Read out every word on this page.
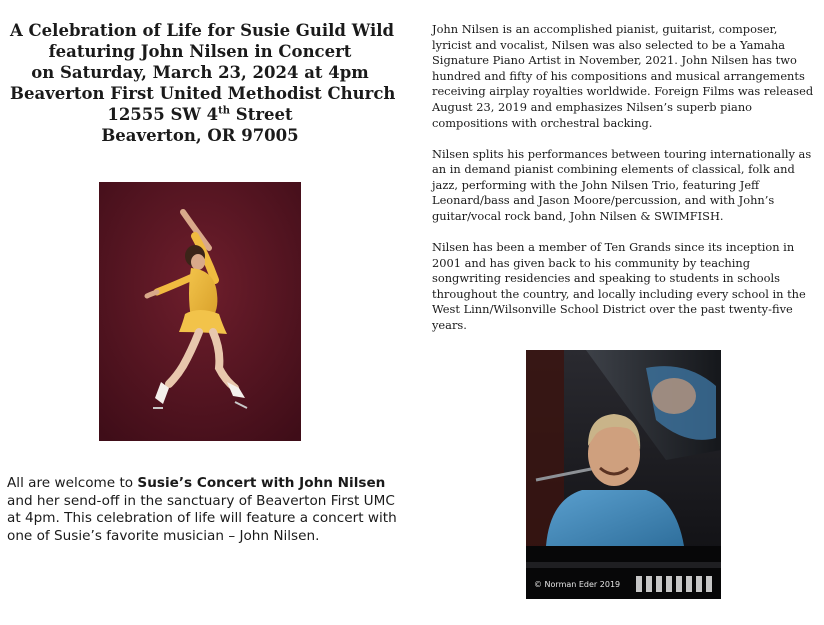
A Celebration of Life for Susie Guild Wild
featuring John Nilsen in Concert
on Saturday, March 23, 2024 at 4pm
Beaverton First United Methodist Church
12555 SW 4th Street
Beaverton, OR 97005
All are welcome to Susie’s Concert with John Nilsen and her send-off in the sanctuary of Beaverton First UMC at 4pm. This celebration of life will feature a concert with one of Susie’s favorite musician – John Nilsen.

John Nilsen is an accomplished pianist, guitarist, composer, lyricist and vocalist, Nilsen was also selected to be a Yamaha Signature Piano Artist in November, 2021. John Nilsen has two hundred and fifty of his compositions and musical arrangements receiving airplay royalties worldwide. Foreign Films was released August 23, 2019 and emphasizes Nilsen’s superb piano compositions with orchestral backing.

Nilsen splits his performances between touring internationally as an in demand pianist combining elements of classical, folk and jazz, performing with the John Nilsen Trio, featuring Jeff Leonard/bass and Jason Moore/percussion, and with John’s guitar/vocal rock band, John Nilsen & SWIMFISH.

Nilsen has been a member of Ten Grands since its inception in 2001 and has given back to his community by teaching songwriting residencies and speaking to students in schools throughout the country, and locally including every school in the West Linn/Wilsonville School District over the past twenty-five years.

© Norman Eder 2019
